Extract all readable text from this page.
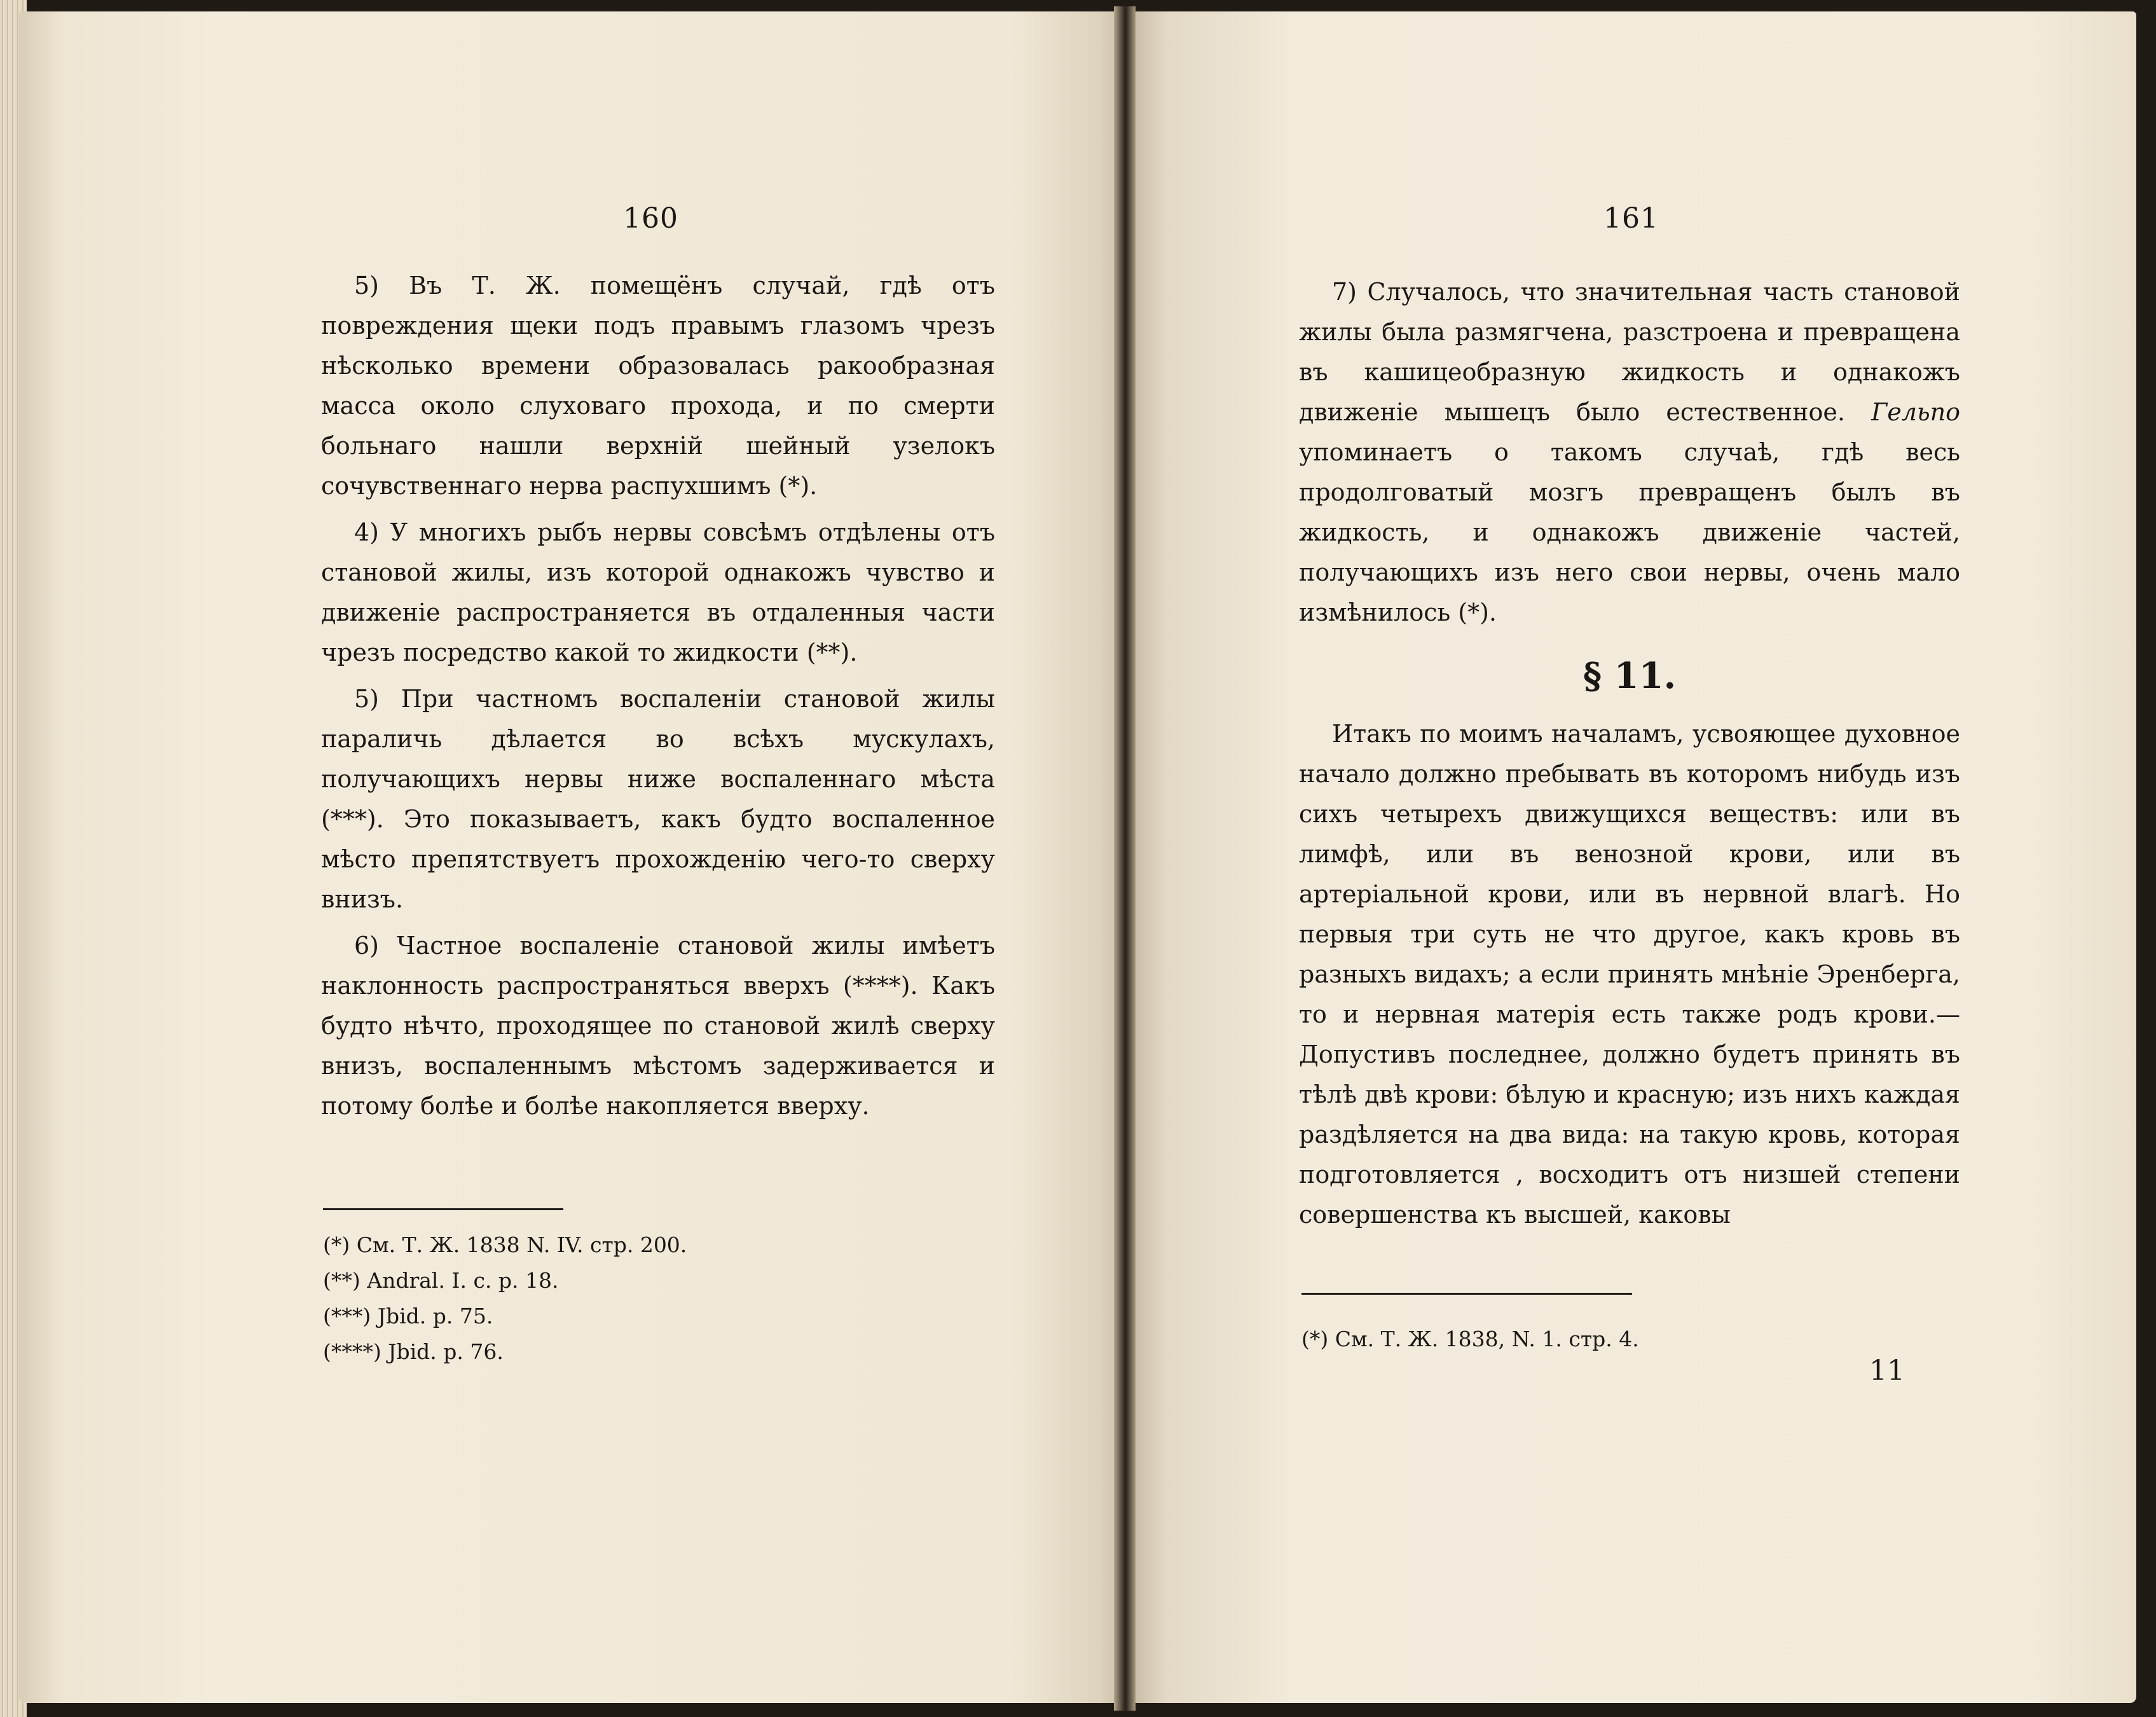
160

5) Въ Т. Ж. помещёнъ случай, гдѣ отъ повреждения щеки подъ правымъ глазомъ чрезъ нѣсколько времени образовалась ракообразная масса около слуховаго прохода, и по смерти больнаго нашли верхній шейный узелокъ сочувственнаго нерва распухшимъ (*).

4) У многихъ рыбъ нервы совсѣмъ отдѣлены отъ становой жилы, изъ которой однакожъ чувство и движеніе распространяется въ отдаленныя части чрезъ посредство какой то жидкости (**).

5) При частномъ воспаленіи становой жилы параличь дѣлается во всѣхъ мускулахъ, получающихъ нервы ниже воспаленнаго мѣста (***). Это показываетъ, какъ будто воспаленное мѣсто препятствуетъ прохожденію чего-то сверху внизъ.

6) Частное воспаленіе становой жилы имѣетъ наклонность распространяться вверхъ (****). Какъ будто нѣчто, проходящее по становой жилѣ сверху внизъ, воспаленнымъ мѣстомъ задерживается и потому болѣе и болѣе накопляется вверху.

(*) См. Т. Ж. 1838 N. IV. стр. 200.
(**) Andral. I. c. p. 18.
(***) Jbid. p. 75.
(****) Jbid. p. 76.
161

7) Случалось, что значительная часть становой жилы была размягчена, разстроена и превращена въ кашицеобразную жидкость и однакожъ движеніе мышецъ было естественное. Гельпо упоминаетъ о такомъ случаѣ, гдѣ весь продолговатый мозгъ превращенъ былъ въ жидкость, и однакожъ движеніе частей, получающихъ изъ него свои нервы, очень мало измѣнилось (*).

§ 11.

Итакъ по моимъ началамъ, усвояющее духовное начало должно пребывать въ которомъ нибудь изъ сихъ четырехъ движущихся веществъ: или въ лимфѣ, или въ венозной крови, или въ артеріальной крови, или въ нервной влагѣ. Но первыя три суть не что другое, какъ кровь въ разныхъ видахъ; а если принять мнѣніе Эренберга, то и нервная матерія есть также родъ крови.—Допустивъ последнее, должно будетъ принять въ тѣлѣ двѣ крови: бѣлую и красную; изъ нихъ каждая раздѣляется на два вида: на такую кровь, которая подготовляется , восходитъ отъ низшей степени совершенства къ высшей, каковы

(*) См. Т. Ж. 1838, N. 1. стр. 4.
11
